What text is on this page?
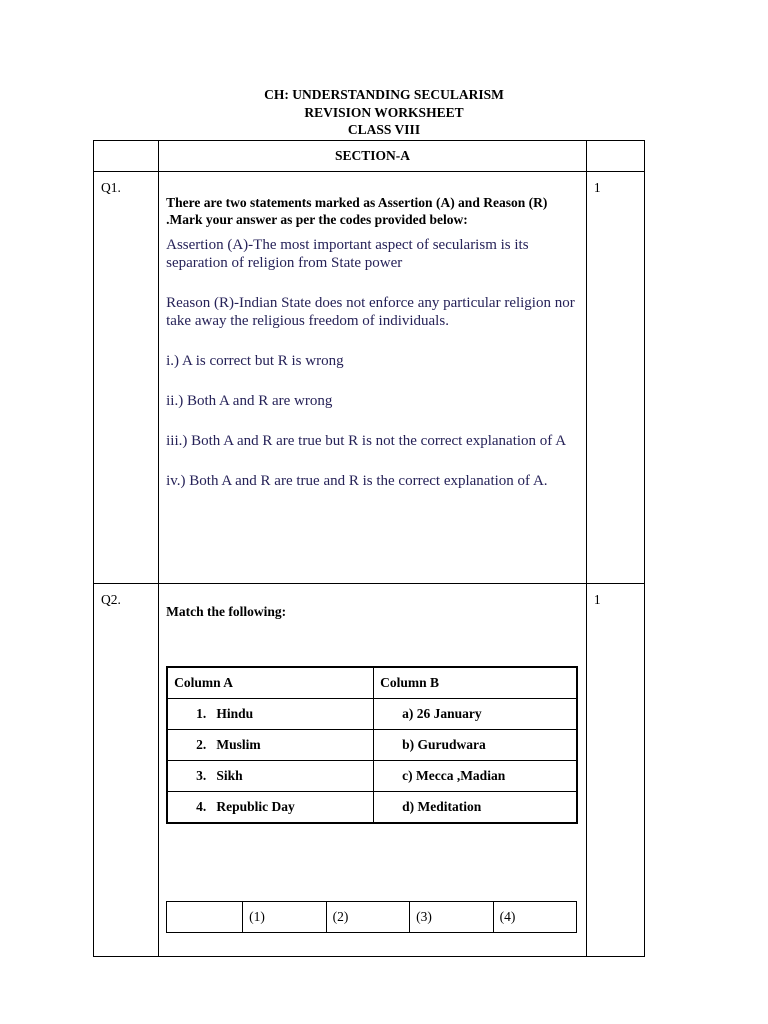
CH: UNDERSTANDING SECULARISM
REVISION WORKSHEET
CLASS VIII
	SECTION-A	
Q1.	

There are two statements marked as Assertion (A) and Reason (R) .Mark your answer as per the codes provided below:

Assertion (A)-The most important aspect of secularism is its separation of religion from State power

Reason (R)-Indian State does not enforce any particular religion nor take away the religious freedom of individuals.

i.) A is correct but R is wrong

ii.) Both A and R are wrong

iii.) Both A and R are true but R is not the correct explanation of A

iv.) Both A and R are true and R is the correct explanation of A.

	1
Q2.	

Match the following:

Column A	Column B
1. Hindu	a) 26 January
2. Muslim	b) Gurudwara
3. Sikh	c) Mecca ,Madian
4. Republic Day	d) Meditation
	(1)	(2)	(3)	(4)
	1
